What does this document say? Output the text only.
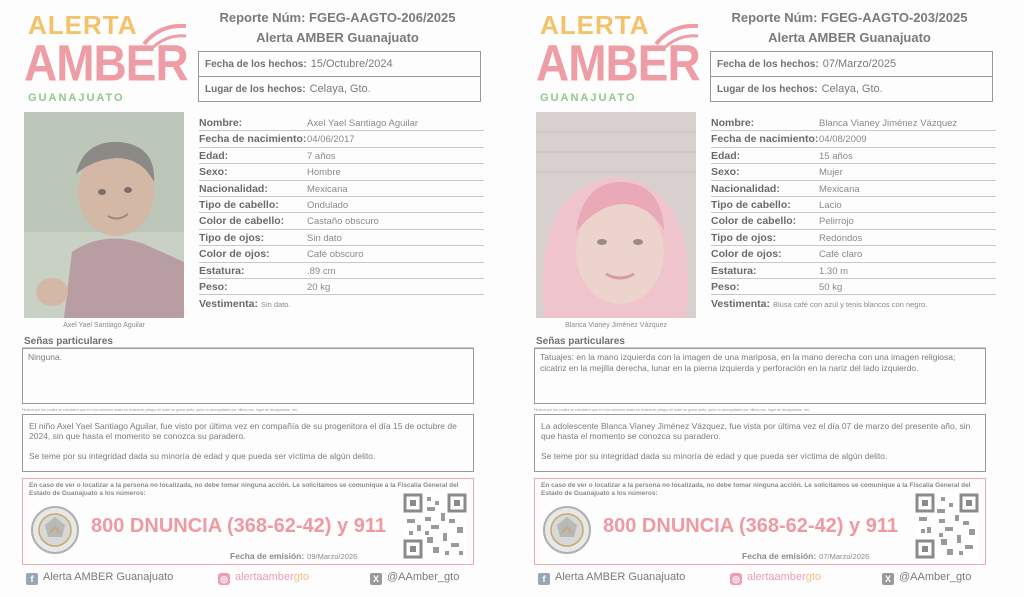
ALERTA
AMBER
GUANAJUATO
Reporte Núm: FGEG-AAGTO-206/2025
Alerta AMBER Guanajuato
Fecha de los hechos: 15/Octubre/2024
Lugar de los hechos: Celaya, Gto.
Axel Yael Santiago Aguilar
Nombre:	Axel Yael Santiago Aguilar
Fecha de nacimiento: 04/06/2017
Edad:	7 años
Sexo:	Hombre
Nacionalidad:	Mexicana
Tipo de cabello:	Ondulado
Color de cabello: Castaño obscuro
Tipo de ojos:	Sin dato
Color de ojos:	Café obscuro
Estatura:	.89 cm
Peso:	20 kg
Vestimenta: Sin dato.
Señas particulares
Ninguna.
Hechos por los cuales se considera que el o los menores están en inminente peligro de sufrir un grave daño, quien lo acompañaba por última vez, lugar de desaparición, etc.

El niño Axel Yael Santiago Aguilar, fue visto por última vez en compañía de su progenitora el día 15 de octubre de 2024, sin que hasta el momento se conozca su paradero.

Se teme por su integridad dada su minoría de edad y que pueda ser víctima de algún delito.

En caso de ver o localizar a la persona no localizada, no debe tomar ninguna acción. Le solicitamos se comunique a la Fiscalía General del Estado de Guanajuato a los números:
800 DNUNCIA (368-62-42) y 911
Fecha de emisión: 09/Marzo/2026
f Alerta AMBER Guanajuato	◎ alertaambergto	X @AAmber_gto
ALERTA
AMBER
GUANAJUATO
Reporte Núm: FGEG-AAGTO-203/2025
Alerta AMBER Guanajuato
Fecha de los hechos: 07/Marzo/2025
Lugar de los hechos: Celaya, Gto.
Blanca Vianey Jiménez Vázquez
Nombre:	Blanca Vianey Jiménez Vázquez
Fecha de nacimiento: 04/08/2009
Edad:	15 años
Sexo:	Mujer
Nacionalidad:	Mexicana
Tipo de cabello:	Lacio
Color de cabello: Pelirrojo
Tipo de ojos:	Redondos
Color de ojos:	Café claro
Estatura:	1.30 m
Peso:	50 kg
Vestimenta: Blusa café con azul y tenis blancos con negro.
Señas particulares
Tatuajes: en la mano izquierda con la imagen de una mariposa, en la mano derecha con una imagen religiosa; cicatriz en la mejilla derecha, lunar en la pierna izquierda y perforación en la nariz del lado izquierdo.
Hechos por los cuales se considera que el o los menores están en inminente peligro de sufrir un grave daño, quien lo acompañaba por última vez, lugar de desaparición, etc.

La adolescente Blanca Vianey Jiménez Vázquez, fue vista por última vez el día 07 de marzo del presente año, sin que hasta el momento se conozca su paradero.

Se teme por su integridad dada su minoría de edad y que pueda ser víctima de algún delito.

En caso de ver o localizar a la persona no localizada, no debe tomar ninguna acción. Le solicitamos se comunique a la Fiscalía General del Estado de Guanajuato a los números:
800 DNUNCIA (368-62-42) y 911
Fecha de emisión: 07/Marzo/2026
f Alerta AMBER Guanajuato	◎ alertaambergto	X @AAmber_gto
